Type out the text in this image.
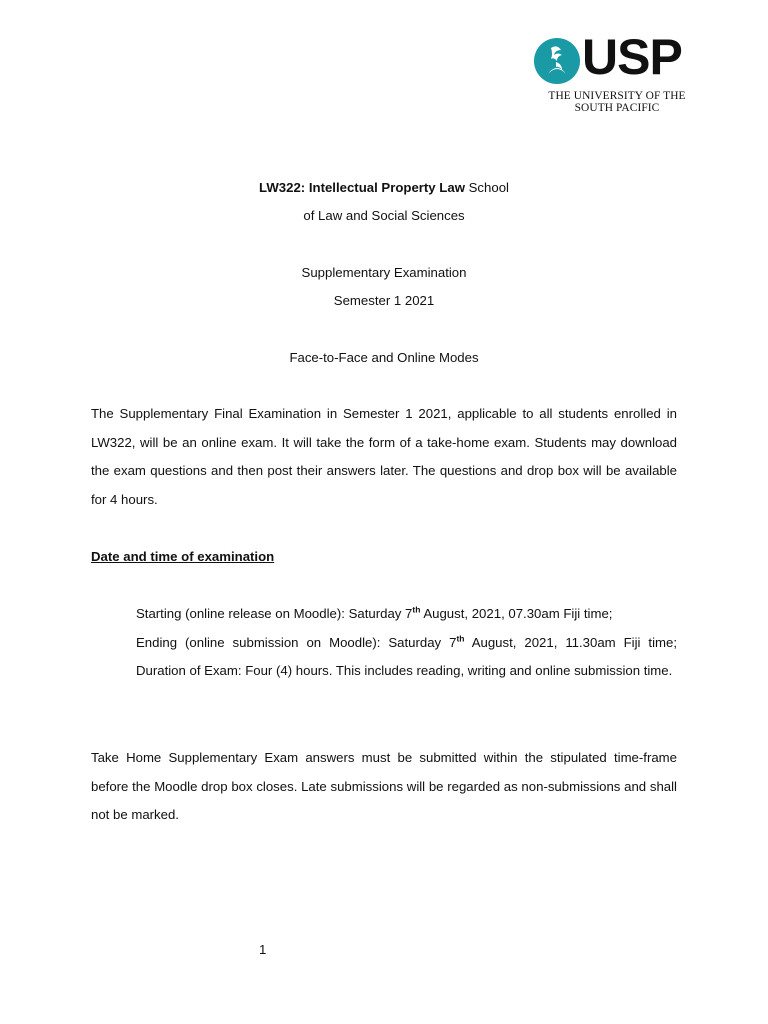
USP
THE UNIVERSITY OF THE
SOUTH PACIFIC
LW322: Intellectual Property Law School
of Law and Social Sciences
Supplementary Examination
Semester 1 2021
Face-to-Face and Online Modes
The Supplementary Final Examination in Semester 1 2021, applicable to all students enrolled in LW322, will be an online exam. It will take the form of a take-home exam. Students may download the exam questions and then post their answers later. The questions and drop box will be available for 4 hours.
Date and time of examination
Starting (online release on Moodle): Saturday 7th August, 2021, 07.30am Fiji time;
Ending (online submission on Moodle): Saturday 7th August, 2021, 11.30am Fiji time;
Duration of Exam: Four (4) hours. This includes reading, writing and online submission time.
Take Home Supplementary Exam answers must be submitted within the stipulated time-frame before the Moodle drop box closes. Late submissions will be regarded as non-submissions and shall not be marked.
1
